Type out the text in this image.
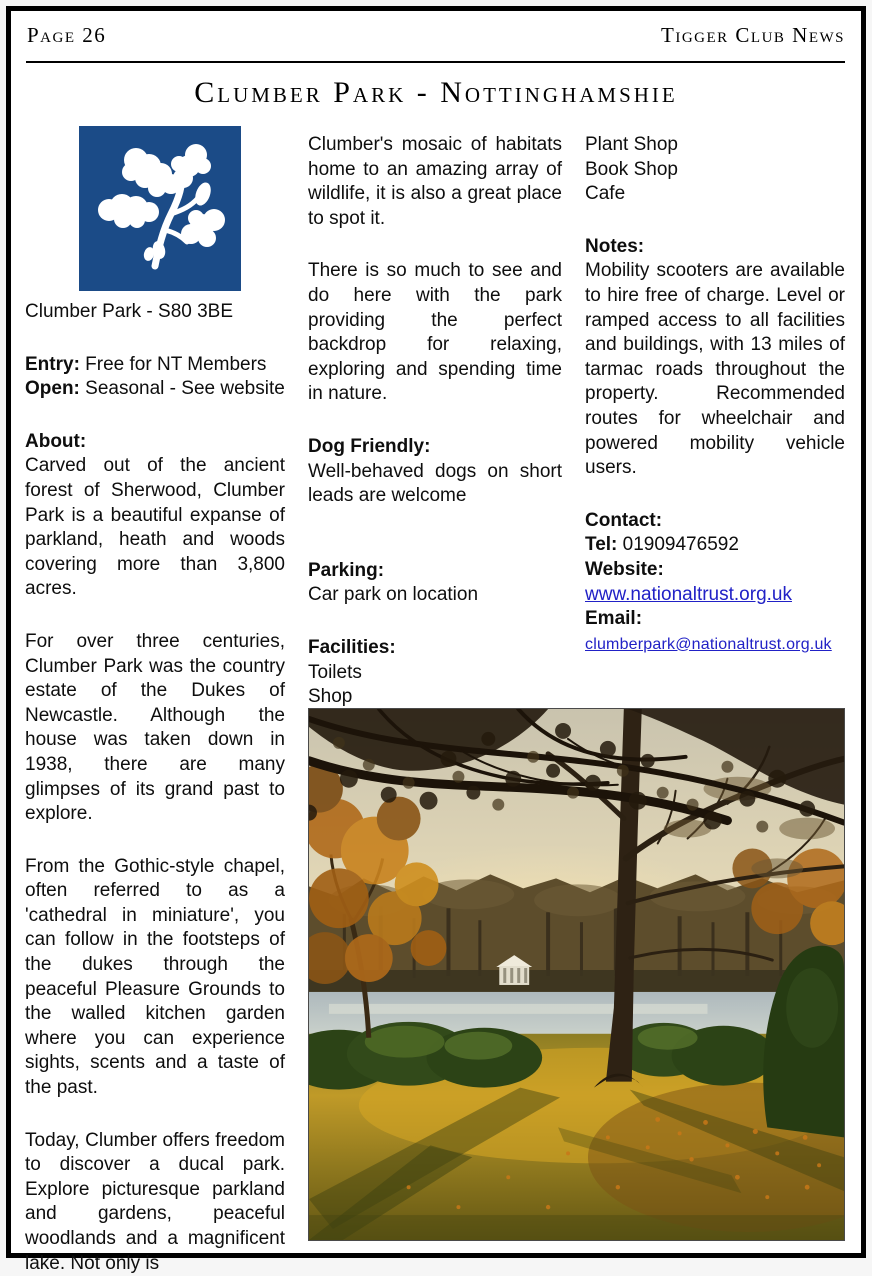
Page 26	Tigger Club News
Clumber Park - Nottinghamshie
Clumber Park - S80 3BE
Entry: Free for NT Members
Open: Seasonal - See website
About:
Carved out of the ancient forest of Sherwood, Clumber Park is a beautiful expanse of parkland, heath and woods covering more than 3,800 acres.
For over three centuries, Clumber Park was the country estate of the Dukes of Newcastle. Although the house was taken down in 1938, there are many glimpses of its grand past to explore.
From the Gothic-style chapel, often referred to as a 'cathedral in miniature', you can follow in the footsteps of the dukes through the peaceful Pleasure Grounds to the walled kitchen garden where you can experience sights, scents and a taste of the past.
Today, Clumber offers freedom to discover a ducal park. Explore picturesque parkland and gardens, peaceful woodlands and a magnificent lake. Not only is
Clumber's mosaic of habitats home to an amazing array of wildlife, it is also a great place to spot it.
There is so much to see and do here with the park providing the perfect backdrop for relaxing, exploring and spending time in nature.
Dog Friendly:
Well-behaved dogs on short leads are welcome
Parking:
Car park on location
Facilities:
Toilets
Shop
Plant Shop
Book Shop
Cafe
Notes:
Mobility scooters are available to hire free of charge. Level or ramped access to all facilities and buildings, with 13 miles of tarmac roads throughout the property. Recommended routes for wheelchair and powered mobility vehicle users.
Contact:
Tel: 01909476592
Website:
www.nationaltrust.org.uk
Email:
clumberpark@nationaltrust.org.uk
